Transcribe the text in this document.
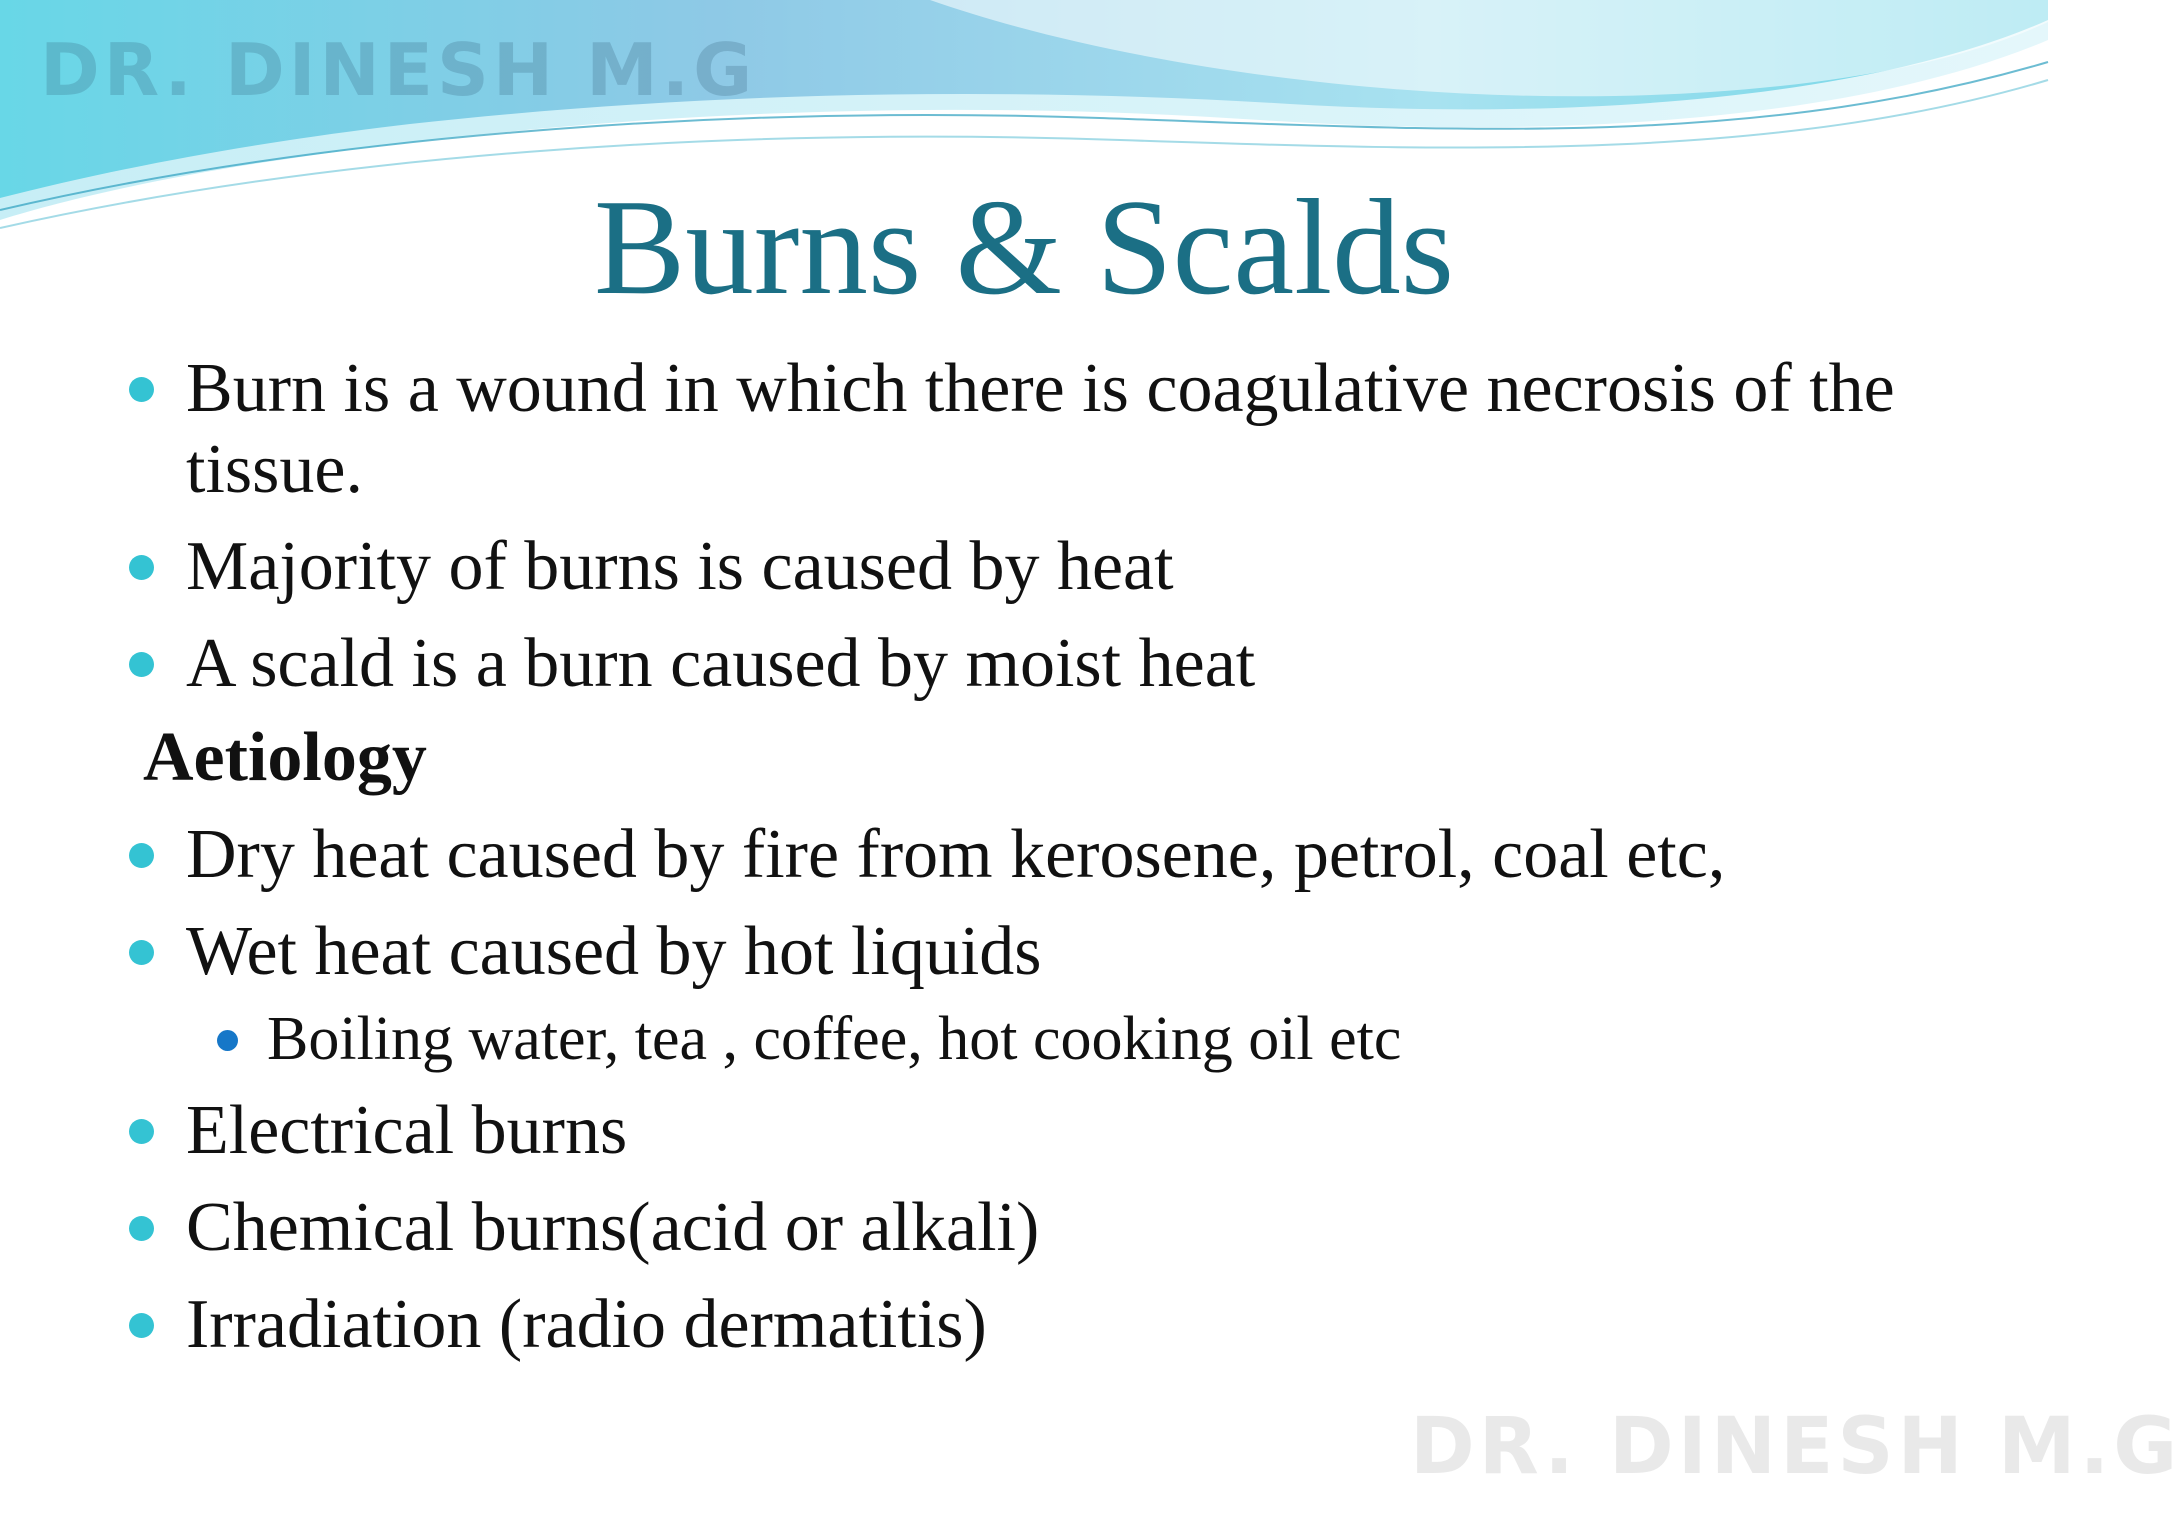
DR. DINESH M.G
Burns & Scalds

Burn is a wound in which there is coagulative necrosis of the tissue.

Majority of burns is caused by heat

A scald is a burn caused by moist heat

Aetiology

Dry heat caused by fire from kerosene, petrol, coal etc,

Wet heat caused by hot liquids

Boiling water, tea , coffee, hot cooking oil etc

Electrical burns

Chemical burns(acid or alkali)

Irradiation (radio dermatitis)

DR. DINESH M.G
